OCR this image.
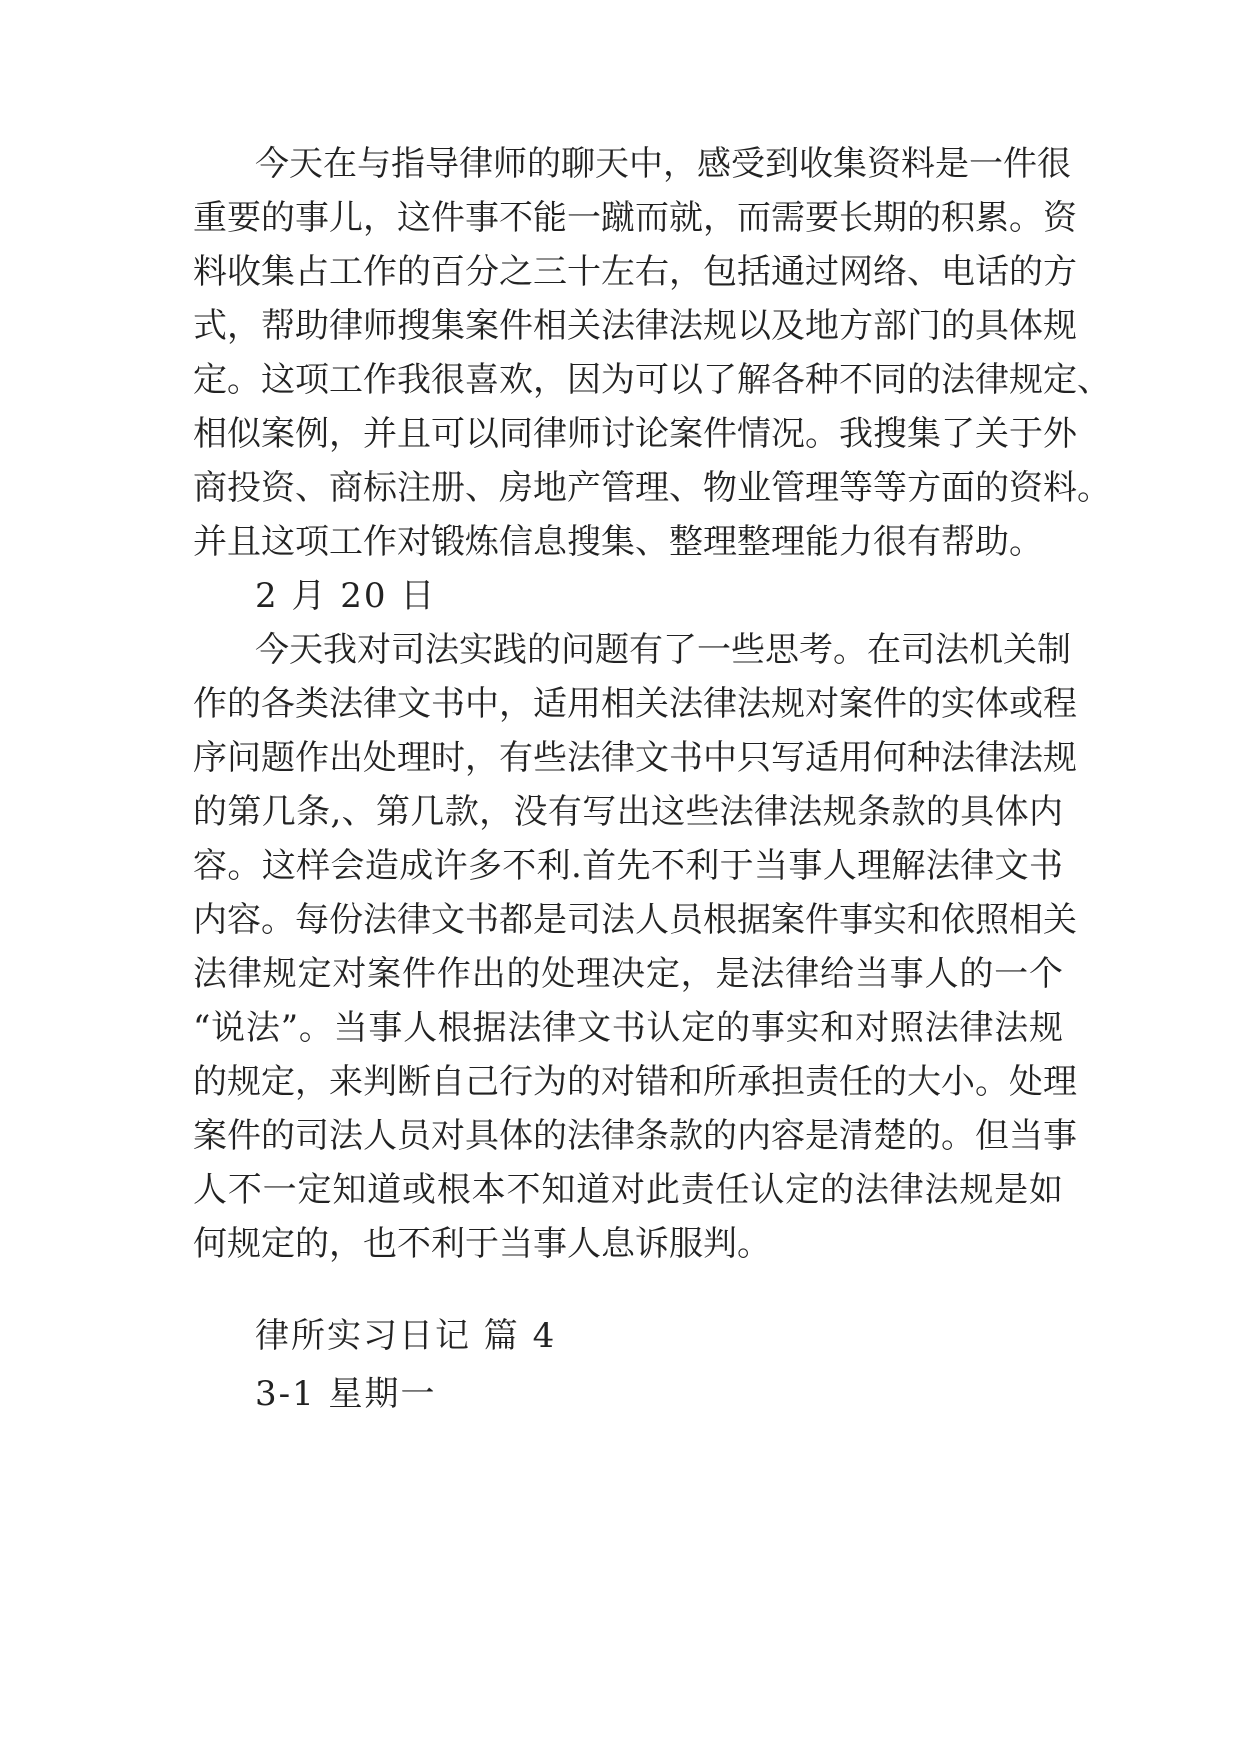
今天在与指导律师的聊天中，感受到收集资料是一件很
重要的事儿，这件事不能一蹴而就，而需要长期的积累。资
料收集占工作的百分之三十左右，包括通过网络、电话的方
式，帮助律师搜集案件相关法律法规以及地方部门的具体规
定。这项工作我很喜欢，因为可以了解各种不同的法律规定、
相似案例，并且可以同律师讨论案件情况。我搜集了关于外
商投资、商标注册、房地产管理、物业管理等等方面的资料。
并且这项工作对锻炼信息搜集、整理整理能力很有帮助。
2 月 20 日
今天我对司法实践的问题有了一些思考。在司法机关制
作的各类法律文书中，适用相关法律法规对案件的实体或程
序问题作出处理时，有些法律文书中只写适用何种法律法规
的第几条,、第几款，没有写出这些法律法规条款的具体内
容。这样会造成许多不利.首先不利于当事人理解法律文书
内容。每份法律文书都是司法人员根据案件事实和依照相关
法律规定对案件作出的处理决定，是法律给当事人的一个
“说法”。当事人根据法律文书认定的事实和对照法律法规
的规定，来判断自己行为的对错和所承担责任的大小。处理
案件的司法人员对具体的法律条款的内容是清楚的。但当事
人不一定知道或根本不知道对此责任认定的法律法规是如
何规定的，也不利于当事人息诉服判。
律所实习日记 篇 4
3-1 星期一
